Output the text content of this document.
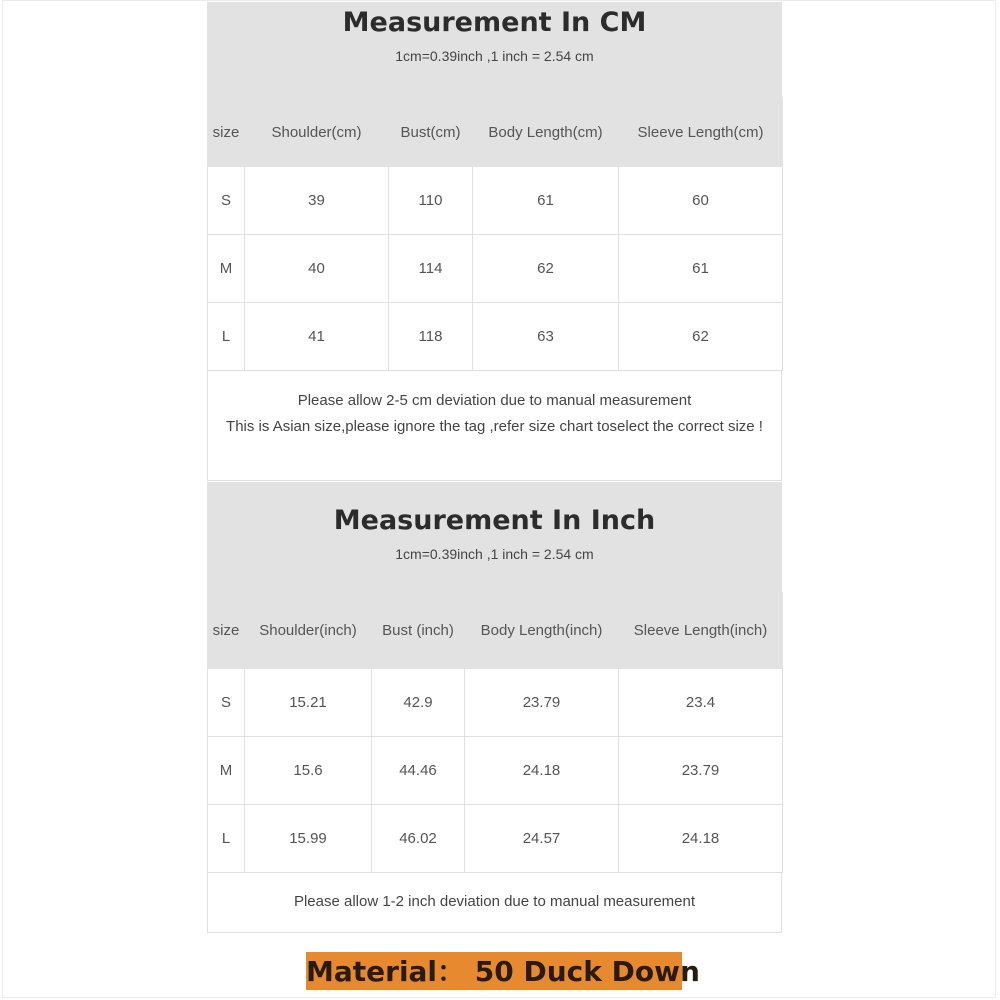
Measurement In CM
1cm=0.39inch ,1 inch = 2.54 cm
size	Shoulder(cm)	Bust(cm)	Body Length(cm)	Sleeve Length(cm)
S	39	110	61	60
M	40	114	62	61
L	41	118	63	62
Please allow 2-5 cm deviation due to manual measurement
This is Asian size,please ignore the tag ,refer size chart toselect the correct size !
Measurement In Inch
1cm=0.39inch ,1 inch = 2.54 cm
size	Shoulder(inch)	Bust (inch)	Body Length(inch)	Sleeve Length(inch)
S	15.21	42.9	23.79	23.4
M	15.6	44.46	24.18	23.79
L	15.99	46.02	24.57	24.18
Please allow 1-2 inch deviation due to manual measurement
Material： 50 Duck Down
